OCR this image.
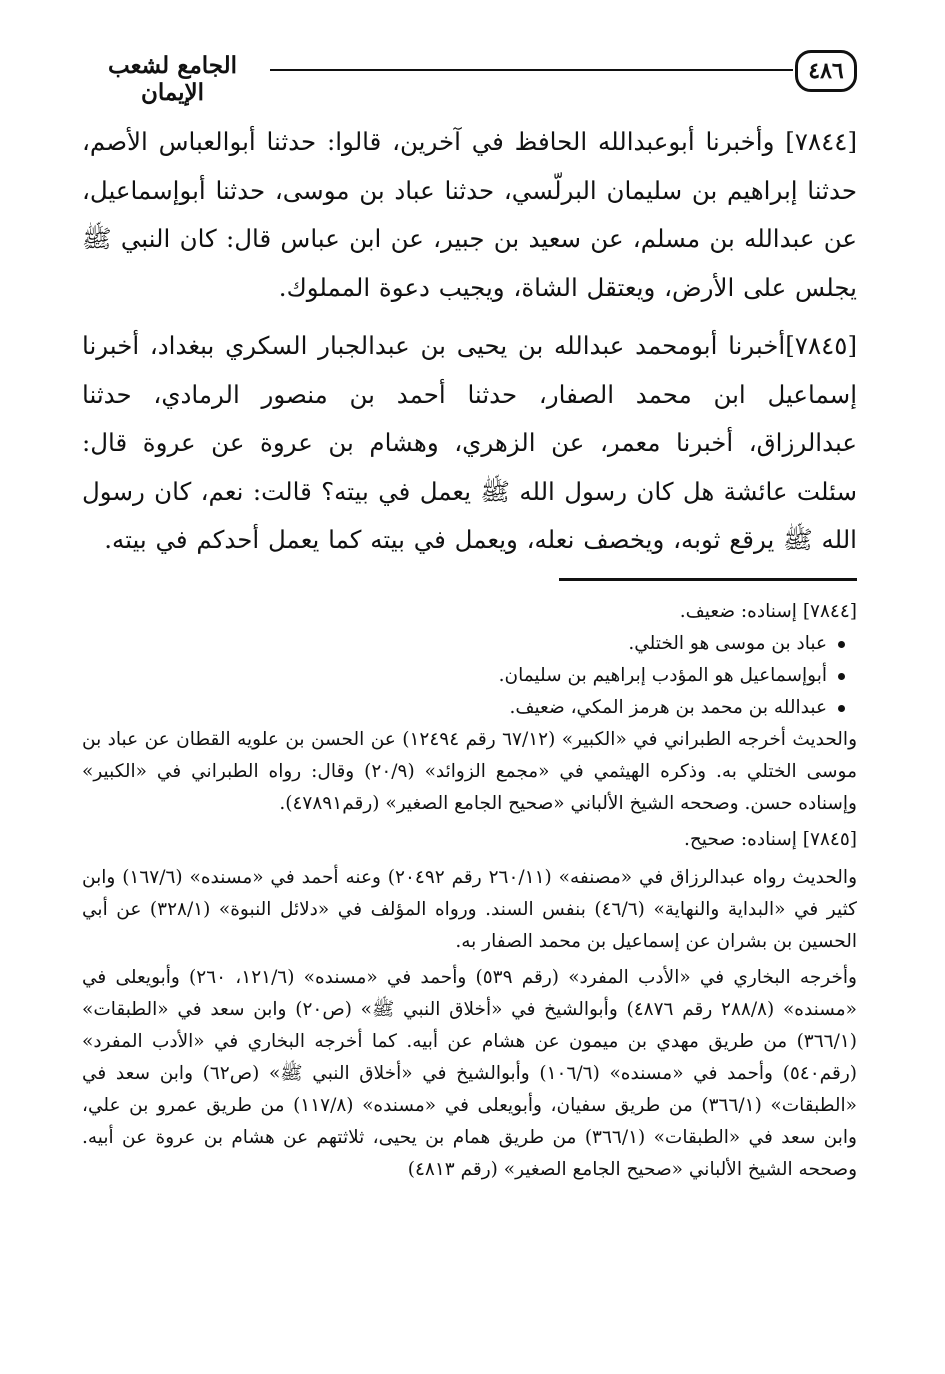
٤٨٦
الجامع لشعب الإيمان

[٧٨٤٤] وأخبرنا أبوعبدالله الحافظ في آخرين، قالوا: حدثنا أبوالعباس الأصم، حدثنا إبراهيم بن سليمان البرلّسي، حدثنا عباد بن موسى، حدثنا أبوإسماعيل، عن عبدالله بن مسلم، عن سعيد بن جبير، عن ابن عباس قال: كان النبي ﷺ يجلس على الأرض، ويعتقل الشاة، ويجيب دعوة المملوك.

[٧٨٤٥]أخبرنا أبومحمد عبدالله بن يحيى بن عبدالجبار السكري ببغداد، أخبرنا إسماعيل ابن محمد الصفار، حدثنا أحمد بن منصور الرمادي، حدثنا عبدالرزاق، أخبرنا معمر، عن الزهري، وهشام بن عروة عن عروة قال: سئلت عائشة هل كان رسول الله ﷺ يعمل في بيته؟ قالت: نعم، كان رسول الله ﷺ يرقع ثوبه، ويخصف نعله، ويعمل في بيته كما يعمل أحدكم في بيته.

[٧٨٤٤] إسناده: ضعيف.
عباد بن موسى هو الختلي.
أبوإسماعيل هو المؤدب إبراهيم بن سليمان.
عبدالله بن محمد بن هرمز المكي، ضعيف.

والحديث أخرجه الطبراني في «الكبير» (٦٧/١٢ رقم ١٢٤٩٤) عن الحسن بن علويه القطان عن عباد بن موسى الختلي به. وذكره الهيثمي في «مجمع الزوائد» (٢٠/٩) وقال: رواه الطبراني في «الكبير» وإسناده حسن. وصححه الشيخ الألباني «صحيح الجامع الصغير» (رقم٤٧٨٩١).

[٧٨٤٥] إسناده: صحيح.

والحديث رواه عبدالرزاق في «مصنفه» (٢٦٠/١١ رقم ٢٠٤٩٢) وعنه أحمد في «مسنده» (١٦٧/٦) وابن كثير في «البداية والنهاية» (٤٦/٦) بنفس السند. ورواه المؤلف في «دلائل النبوة» (٣٢٨/١) عن أبي الحسين بن بشران عن إسماعيل بن محمد الصفار به.

وأخرجه البخاري في «الأدب المفرد» (رقم ٥٣٩) وأحمد في «مسنده» (١٢١/٦، ٢٦٠) وأبويعلى في «مسنده» (٢٨٨/٨ رقم ٤٨٧٦) وأبوالشيخ في «أخلاق النبي ﷺ» (ص٢٠) وابن سعد في «الطبقات» (٣٦٦/١) من طريق مهدي بن ميمون عن هشام عن أبيه. كما أخرجه البخاري في «الأدب المفرد» (رقم٥٤٠) وأحمد في «مسنده» (١٠٦/٦) وأبوالشيخ في «أخلاق النبي ﷺ» (ص٦٢) وابن سعد في «الطبقات» (٣٦٦/١) من طريق سفيان، وأبويعلى في «مسنده» (١١٧/٨) من طريق عمرو بن علي، وابن سعد في «الطبقات» (٣٦٦/١) من طريق همام بن يحيى، ثلاثتهم عن هشام بن عروة عن أبيه. وصححه الشيخ الألباني «صحيح الجامع الصغير» (رقم ٤٨١٣)
